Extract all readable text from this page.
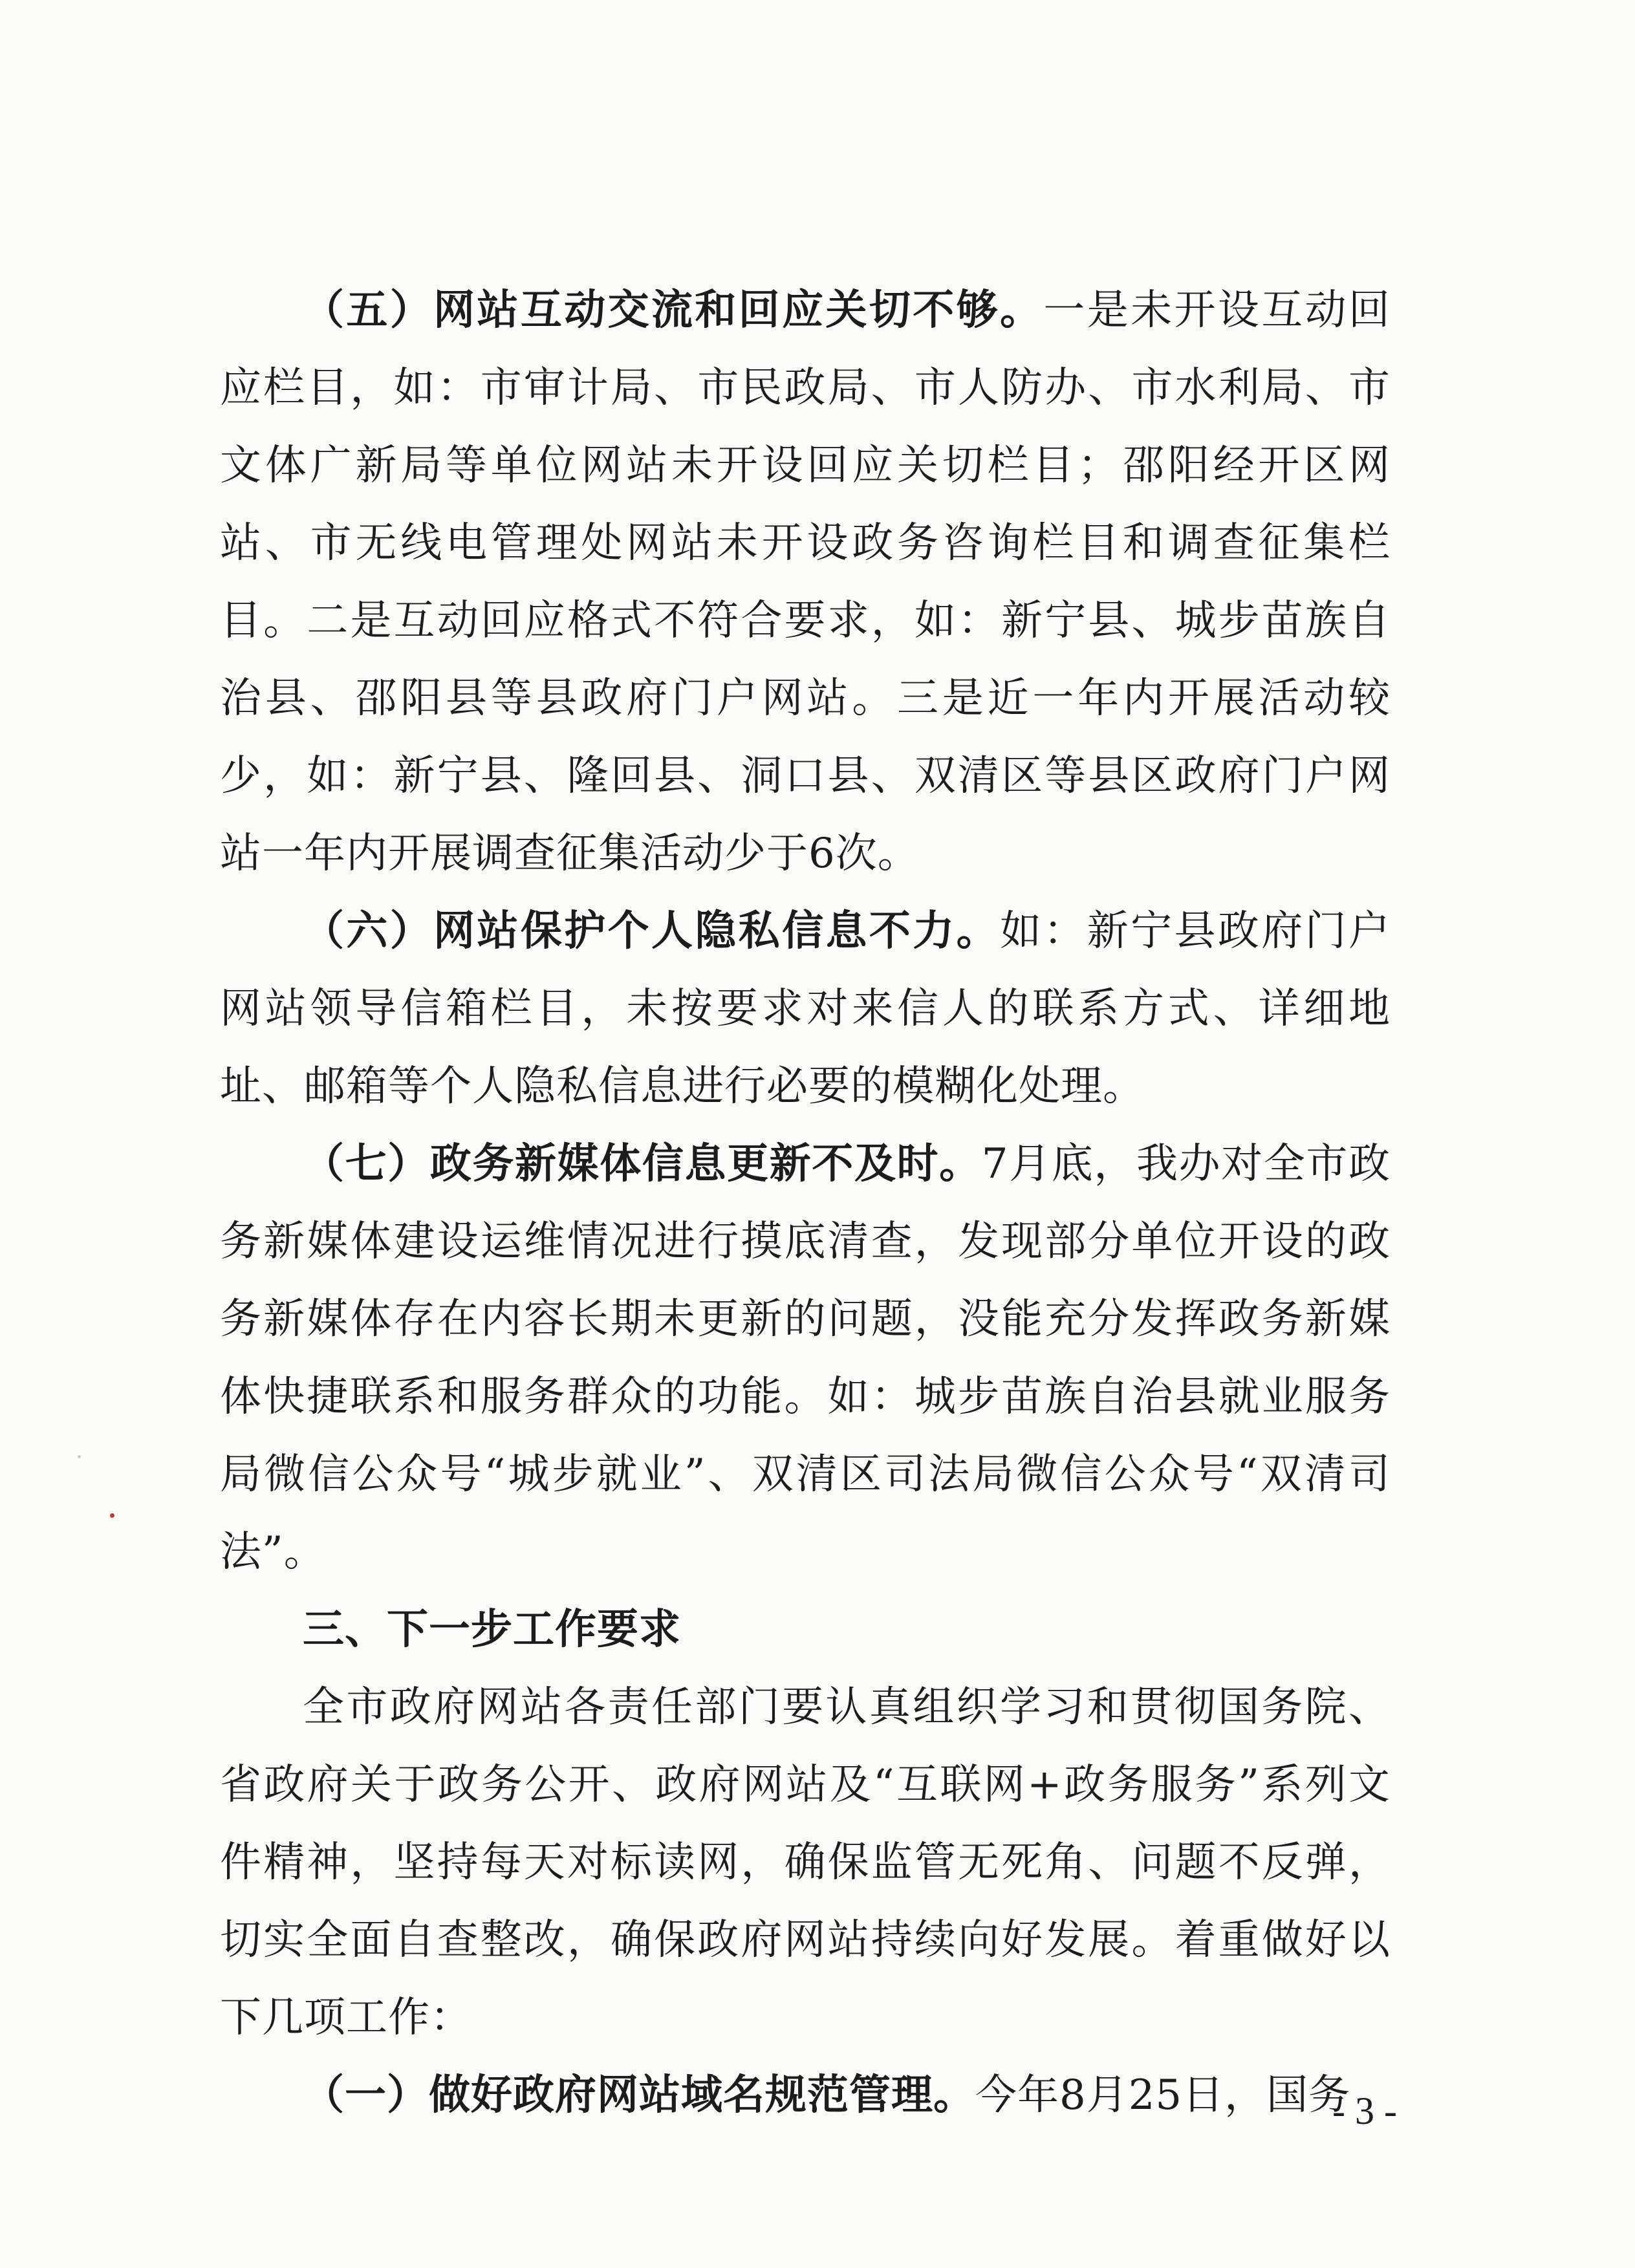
（五）网站互动交流和回应关切不够。一是未开设互动回应栏目，如：市审计局、市民政局、市人防办、市水利局、市文体广新局等单位网站未开设回应关切栏目；邵阳经开区网站、市无线电管理处网站未开设政务咨询栏目和调查征集栏目。二是互动回应格式不符合要求，如：新宁县、城步苗族自治县、邵阳县等县政府门户网站。三是近一年内开展活动较少，如：新宁县、隆回县、洞口县、双清区等县区政府门户网站一年内开展调查征集活动少于6次。

（六）网站保护个人隐私信息不力。如：新宁县政府门户网站领导信箱栏目，未按要求对来信人的联系方式、详细地址、邮箱等个人隐私信息进行必要的模糊化处理。

（七）政务新媒体信息更新不及时。7月底，我办对全市政务新媒体建设运维情况进行摸底清查，发现部分单位开设的政务新媒体存在内容长期未更新的问题，没能充分发挥政务新媒体快捷联系和服务群众的功能。如：城步苗族自治县就业服务局微信公众号“城步就业”、双清区司法局微信公众号“双清司法”。

三、下一步工作要求

全市政府网站各责任部门要认真组织学习和贯彻国务院、省政府关于政务公开、政府网站及“互联网+政务服务”系列文件精神，坚持每天对标读网，确保监管无死角、问题不反弹，切实全面自查整改，确保政府网站持续向好发展。着重做好以下几项工作：

（一）做好政府网站域名规范管理。今年8月25日，国务

- 3 -
